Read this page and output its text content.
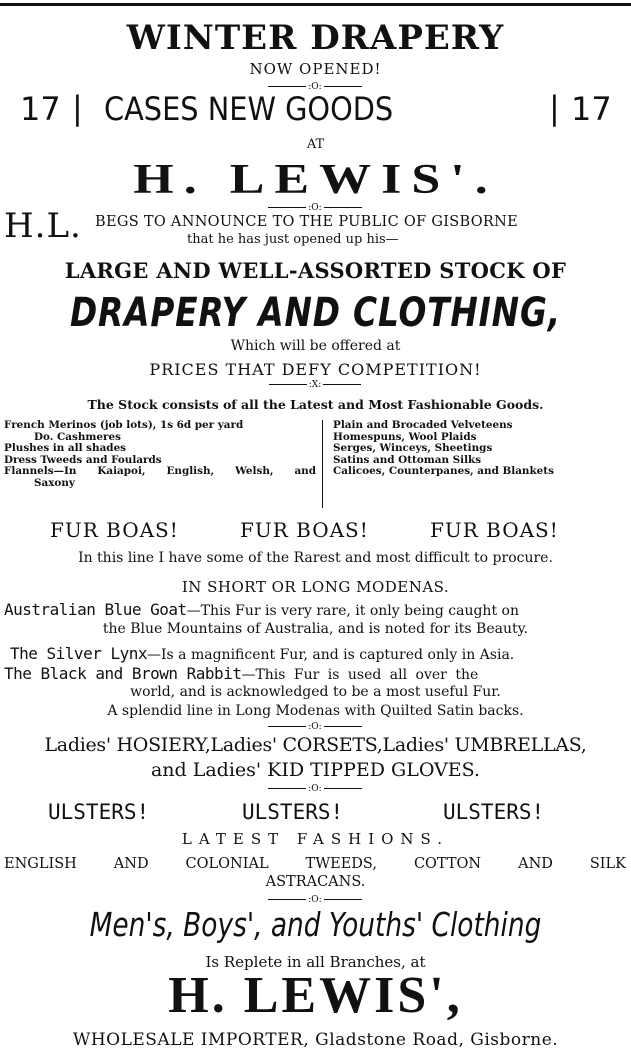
WINTER DRAPERY
NOW OPENED!
:O:
17 | CASES NEW GOODS	| 17
AT
H. LEWIS'.
:O:
H.L. BEGS TO ANNOUNCE TO THE PUBLIC OF GISBORNE
that he has just opened up his—
LARGE AND WELL-ASSORTED STOCK OF
DRAPERY AND CLOTHING,
Which will be offered at
PRICES THAT DEFY COMPETITION!
:X:
The Stock consists of all the Latest and Most Fashionable Goods.
French Merinos (job lots), 1s 6d per yard
Do. Cashmeres
Plushes in all shades
Dress Tweeds and Foulards
Flannels—In Kaiapoi, English, Welsh, and
Saxony
Plain and Brocaded Velveteens
Homespuns, Wool Plaids
Serges, Winceys, Sheetings
Satins and Ottoman Silks
Calicoes, Counterpanes, and Blankets
FUR BOAS!	FUR BOAS!	FUR BOAS!
In this line I have some of the Rarest and most difficult to procure.
IN SHORT OR LONG MODENAS.
Australian Blue Goat—This Fur is very rare, it only being caught on
the Blue Mountains of Australia, and is noted for its Beauty.
The Silver Lynx—Is a magnificent Fur, and is captured only in Asia.
The Black and Brown Rabbit—This Fur is used all over the
world, and is acknowledged to be a most useful Fur.
A splendid line in Long Modenas with Quilted Satin backs.
:O:
Ladies' HOSIERY,Ladies' CORSETS,Ladies' UMBRELLAS,
and Ladies' KID TIPPED GLOVES.
:O:
ULSTERS!	ULSTERS!	ULSTERS!
LATEST FASHIONS.
ENGLISH AND COLONIAL TWEEDS, COTTON AND SILK
ASTRACANS.
:O:
Men's, Boys', and Youths' Clothing
Is Replete in all Branches, at
H. LEWIS',
WHOLESALE IMPORTER, Gladstone Road, Gisborne.
